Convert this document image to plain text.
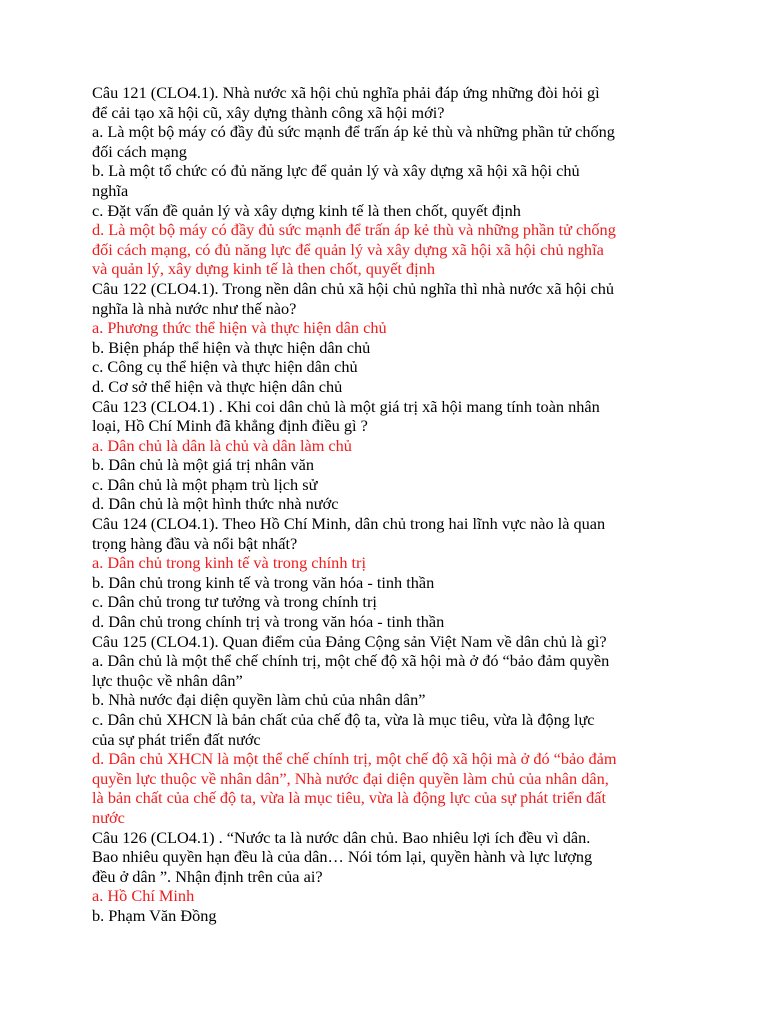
Câu 121 (CLO4.1). Nhà nước xã hội chủ nghĩa phải đáp ứng những đòi hỏi gì
để cải tạo xã hội cũ, xây dựng thành công xã hội mới?
a. Là một bộ máy có đầy đủ sức mạnh để trấn áp kẻ thù và những phần tử chống
đối cách mạng
b. Là một tổ chức có đủ năng lực để quản lý và xây dựng xã hội xã hội chủ
nghĩa
c. Đặt vấn đề quản lý và xây dựng kinh tế là then chốt, quyết định
d. Là một bộ máy có đầy đủ sức mạnh để trấn áp kẻ thù và những phần tử chống
đối cách mạng, có đủ năng lực để quản lý và xây dựng xã hội xã hội chủ nghĩa
và quản lý, xây dựng kinh tế là then chốt, quyết định
Câu 122 (CLO4.1). Trong nền dân chủ xã hội chủ nghĩa thì nhà nước xã hội chủ
nghĩa là nhà nước như thế nào?
a. Phương thức thể hiện và thực hiện dân chủ
b. Biện pháp thể hiện và thực hiện dân chủ
c. Công cụ thể hiện và thực hiện dân chủ
d. Cơ sở thể hiện và thực hiện dân chủ
Câu 123 (CLO4.1) . Khi coi dân chủ là một giá trị xã hội mang tính toàn nhân
loại, Hồ Chí Minh đã khẳng định điều gì ?
a. Dân chủ là dân là chủ và dân làm chủ
b. Dân chủ là một giá trị nhân văn
c. Dân chủ là một phạm trù lịch sử
d. Dân chủ là một hình thức nhà nước
Câu 124 (CLO4.1). Theo Hồ Chí Minh, dân chủ trong hai lĩnh vực nào là quan
trọng hàng đầu và nổi bật nhất?
a. Dân chủ trong kinh tế và trong chính trị
b. Dân chủ trong kinh tế và trong văn hóa - tinh thần
c. Dân chủ trong tư tưởng và trong chính trị
d. Dân chủ trong chính trị và trong văn hóa - tinh thần
Câu 125 (CLO4.1). Quan điểm của Đảng Cộng sản Việt Nam về dân chủ là gì?
a. Dân chủ là một thể chế chính trị, một chế độ xã hội mà ở đó “bảo đảm quyền
lực thuộc về nhân dân”
b. Nhà nước đại diện quyền làm chủ của nhân dân”
c. Dân chủ XHCN là bản chất của chế độ ta, vừa là mục tiêu, vừa là động lực
của sự phát triển đất nước
d. Dân chủ XHCN là một thể chế chính trị, một chế độ xã hội mà ở đó “bảo đảm
quyền lực thuộc về nhân dân”, Nhà nước đại diện quyền làm chủ của nhân dân,
là bản chất của chế độ ta, vừa là mục tiêu, vừa là động lực của sự phát triển đất
nước
Câu 126 (CLO4.1) . “Nước ta là nước dân chủ. Bao nhiêu lợi ích đều vì dân.
Bao nhiêu quyền hạn đều là của dân… Nói tóm lại, quyền hành và lực lượng
đều ở dân ”. Nhận định trên của ai?
a. Hồ Chí Minh
b. Phạm Văn Đồng
